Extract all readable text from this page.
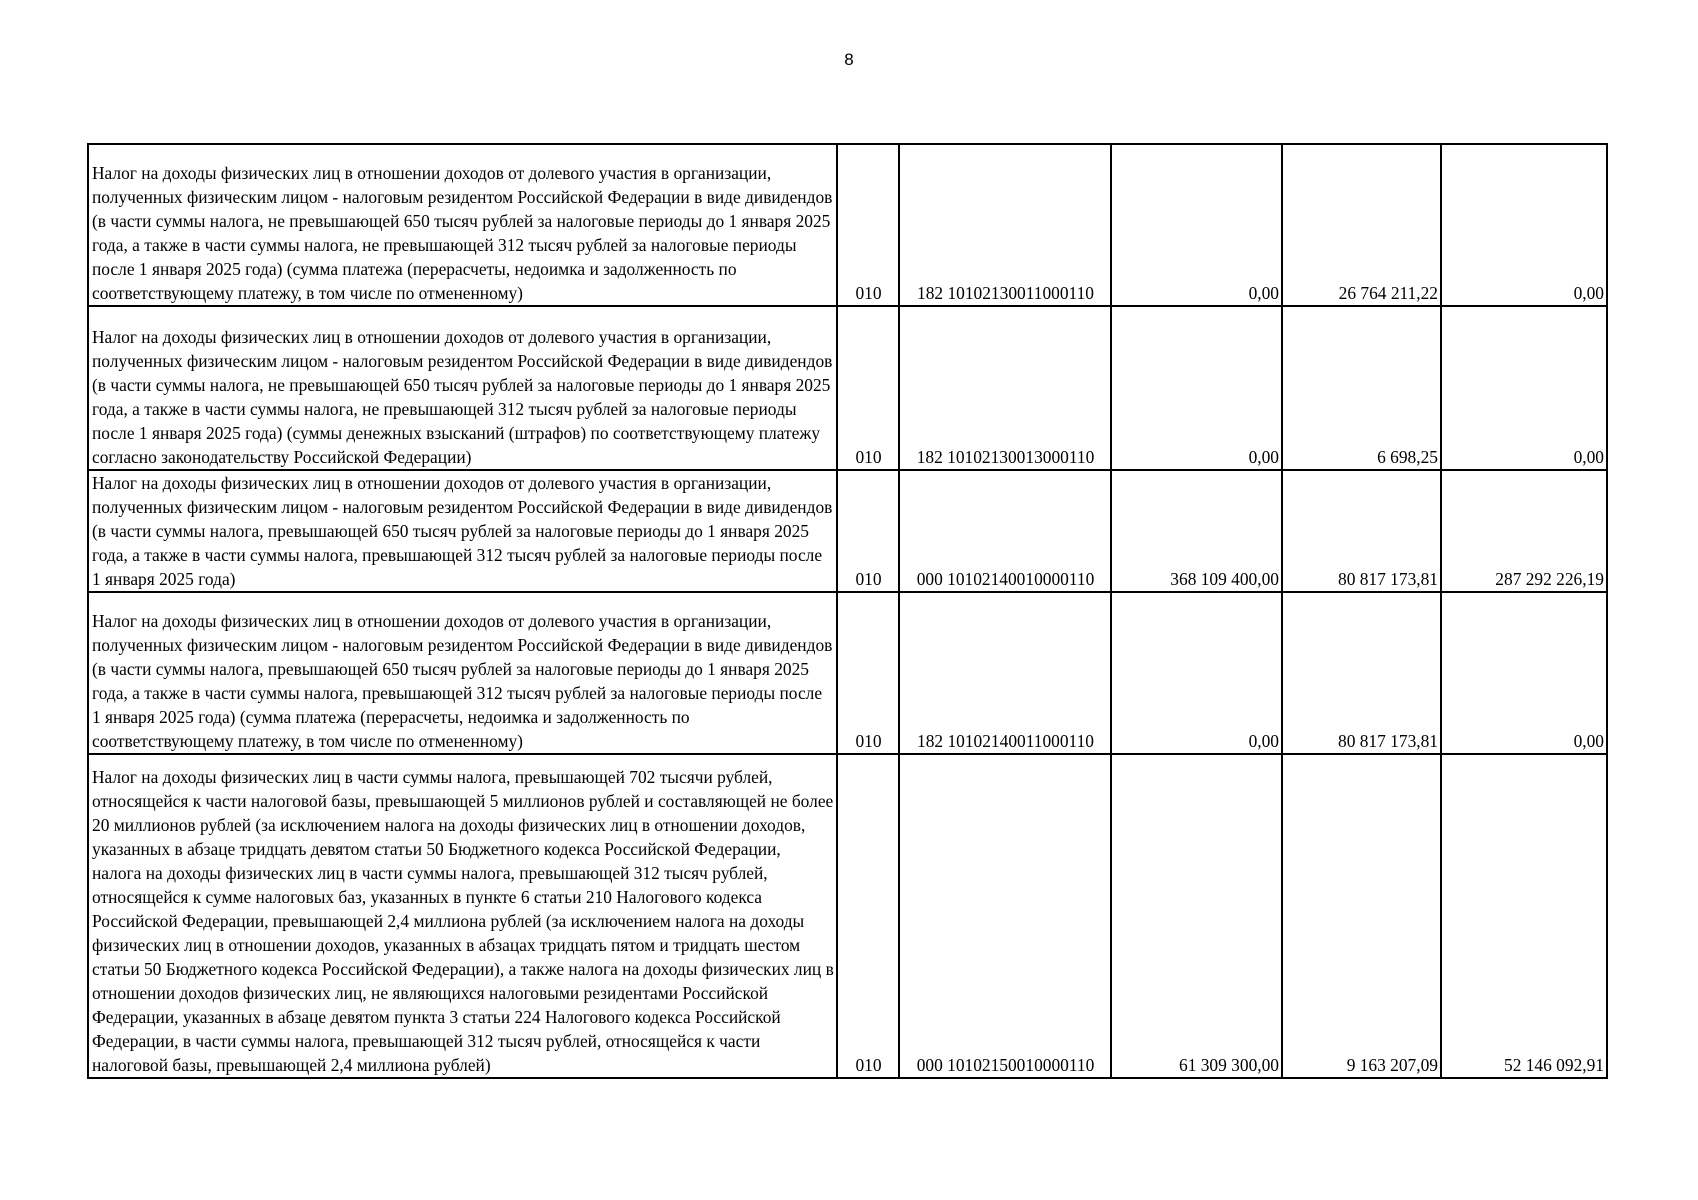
8
Налог на доходы физических лиц в отношении доходов от долевого участия в организации, полученных физическим лицом - налоговым резидентом Российской Федерации в виде дивидендов (в части суммы налога, не превышающей 650 тысяч рублей за налоговые периоды до 1 января 2025 года, а также в части суммы налога, не превышающей 312 тысяч рублей за налоговые периоды после 1 января 2025 года) (сумма платежа (перерасчеты, недоимка и задолженность по соответствующему платежу, в том числе по отмененному)	010	182 10102130011000110	0,00	26 764 211,22	0,00

Налог на доходы физических лиц в отношении доходов от долевого участия в организации, полученных физическим лицом - налоговым резидентом Российской Федерации в виде дивидендов (в части суммы налога, не превышающей 650 тысяч рублей за налоговые периоды до 1 января 2025 года, а также в части суммы налога, не превышающей 312 тысяч рублей за налоговые периоды после 1 января 2025 года) (суммы денежных взысканий (штрафов) по соответствующему платежу согласно законодательству Российской Федерации)	010	182 10102130013000110	0,00	6 698,25	0,00

Налог на доходы физических лиц в отношении доходов от долевого участия в организации, полученных физическим лицом - налоговым резидентом Российской Федерации в виде дивидендов (в части суммы налога, превышающей 650 тысяч рублей за налоговые периоды до 1 января 2025 года, а также в части суммы налога, превышающей 312 тысяч рублей за налоговые периоды после 1 января 2025 года)	010	000 10102140010000110	368 109 400,00	80 817 173,81	287 292 226,19

Налог на доходы физических лиц в отношении доходов от долевого участия в организации, полученных физическим лицом - налоговым резидентом Российской Федерации в виде дивидендов (в части суммы налога, превышающей 650 тысяч рублей за налоговые периоды до 1 января 2025 года, а также в части суммы налога, превышающей 312 тысяч рублей за налоговые периоды после 1 января 2025 года) (сумма платежа (перерасчеты, недоимка и задолженность по соответствующему платежу, в том числе по отмененному)	010	182 10102140011000110	0,00	80 817 173,81	0,00

Налог на доходы физических лиц в части суммы налога, превышающей 702 тысячи рублей, относящейся к части налоговой базы, превышающей 5 миллионов рублей и составляющей не более 20 миллионов рублей (за исключением налога на доходы физических лиц в отношении доходов, указанных в абзаце тридцать девятом статьи 50 Бюджетного кодекса Российской Федерации, налога на доходы физических лиц в части суммы налога, превышающей 312 тысяч рублей, относящейся к сумме налоговых баз, указанных в пункте 6 статьи 210 Налогового кодекса Российской Федерации, превышающей 2,4 миллиона рублей (за исключением налога на доходы физических лиц в отношении доходов, указанных в абзацах тридцать пятом и тридцать шестом статьи 50 Бюджетного кодекса Российской Федерации), а также налога на доходы физических лиц в отношении доходов физических лиц, не являющихся налоговыми резидентами Российской Федерации, указанных в абзаце девятом пункта 3 статьи 224 Налогового кодекса Российской Федерации, в части суммы налога, превышающей 312 тысяч рублей, относящейся к части налоговой базы, превышающей 2,4 миллиона рублей)	010	000 10102150010000110	61 309 300,00	9 163 207,09	52 146 092,91
